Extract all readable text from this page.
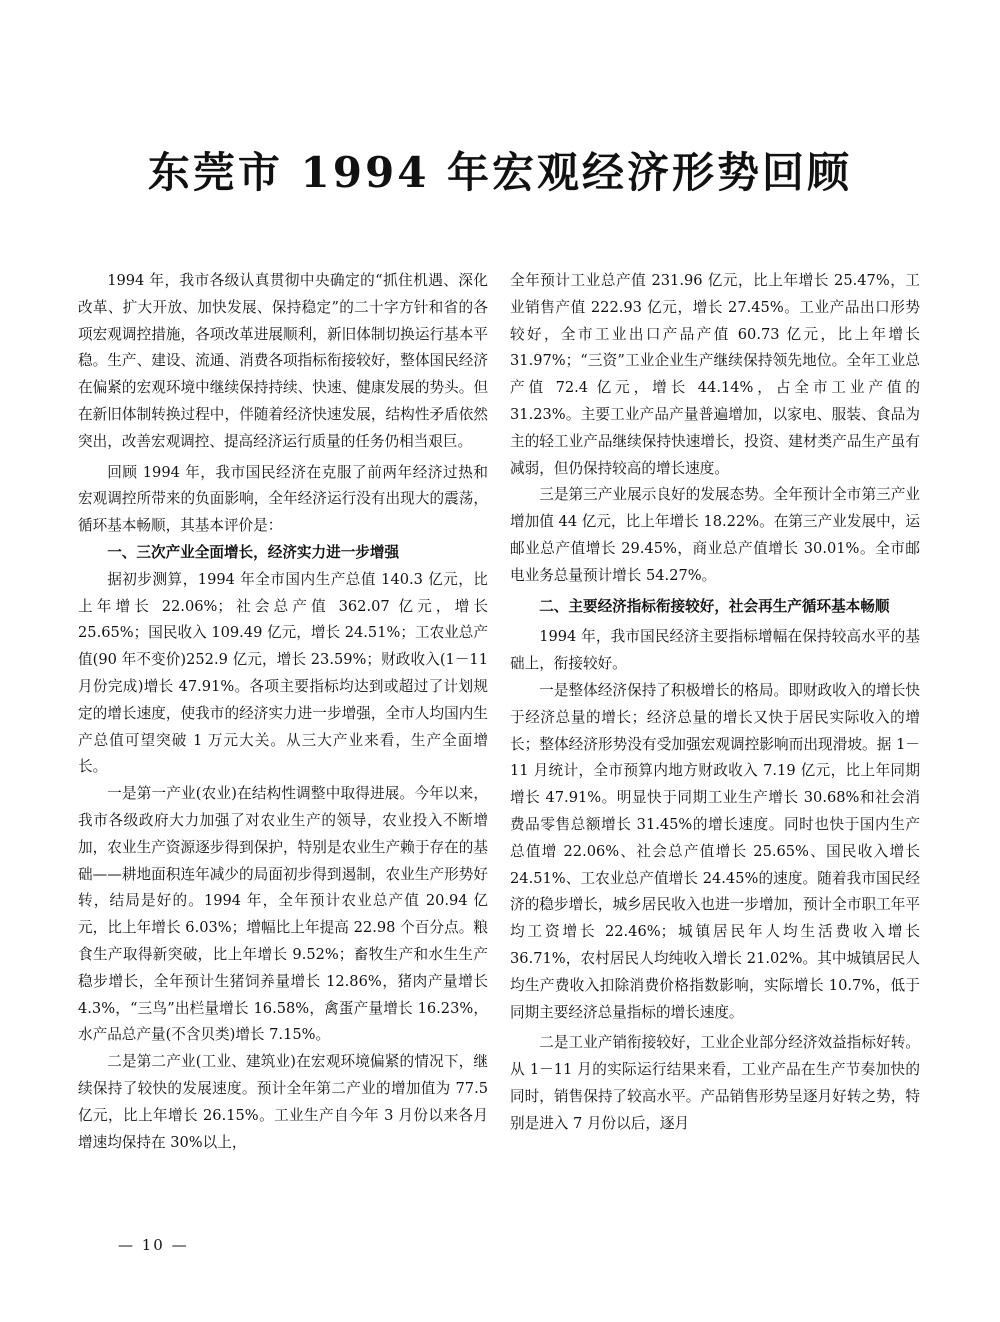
东莞市 1994 年宏观经济形势回顾

1994 年，我市各级认真贯彻中央确定的“抓住机遇、深化改革、扩大开放、加快发展、保持稳定”的二十字方针和省的各项宏观调控措施，各项改革进展顺利，新旧体制切换运行基本平稳。生产、建设、流通、消费各项指标衔接较好，整体国民经济在偏紧的宏观环境中继续保持持续、快速、健康发展的势头。但在新旧体制转换过程中，伴随着经济快速发展，结构性矛盾依然突出，改善宏观调控、提高经济运行质量的任务仍相当艰巨。

回顾 1994 年，我市国民经济在克服了前两年经济过热和宏观调控所带来的负面影响，全年经济运行没有出现大的震荡，循环基本畅顺，其基本评价是：

一、三次产业全面增长，经济实力进一步增强

据初步测算，1994 年全市国内生产总值 140.3 亿元，比上年增长 22.06%；社会总产值 362.07 亿元，增长 25.65%；国民收入 109.49 亿元，增长 24.51%；工农业总产值(90 年不变价)252.9 亿元，增长 23.59%；财政收入(1－11 月份完成)增长 47.91%。各项主要指标均达到或超过了计划规定的增长速度，使我市的经济实力进一步增强，全市人均国内生产总值可望突破 1 万元大关。从三大产业来看，生产全面增长。

一是第一产业(农业)在结构性调整中取得进展。今年以来，我市各级政府大力加强了对农业生产的领导，农业投入不断增加，农业生产资源逐步得到保护，特别是农业生产赖于存在的基础——耕地面积连年减少的局面初步得到遏制，农业生产形势好转，结局是好的。1994 年，全年预计农业总产值 20.94 亿元，比上年增长 6.03%；增幅比上年提高 22.98 个百分点。粮食生产取得新突破，比上年增长 9.52%；畜牧生产和水生生产稳步增长，全年预计生猪饲养量增长 12.86%，猪肉产量增长 4.3%，“三鸟”出栏量增长 16.58%，禽蛋产量增长 16.23%，水产品总产量(不含贝类)增长 7.15%。

二是第二产业(工业、建筑业)在宏观环境偏紧的情况下，继续保持了较快的发展速度。预计全年第二产业的增加值为 77.5 亿元，比上年增长 26.15%。工业生产自今年 3 月份以来各月增速均保持在 30%以上，

全年预计工业总产值 231.96 亿元，比上年增长 25.47%，工业销售产值 222.93 亿元，增长 27.45%。工业产品出口形势较好，全市工业出口产品产值 60.73 亿元，比上年增长 31.97%；“三资”工业企业生产继续保持领先地位。全年工业总产值 72.4 亿元，增长 44.14%，占全市工业产值的 31.23%。主要工业产品产量普遍增加，以家电、服装、食品为主的轻工业产品继续保持快速增长，投资、建材类产品生产虽有减弱，但仍保持较高的增长速度。

三是第三产业展示良好的发展态势。全年预计全市第三产业增加值 44 亿元，比上年增长 18.22%。在第三产业发展中，运邮业总产值增长 29.45%，商业总产值增长 30.01%。全市邮电业务总量预计增长 54.27%。

二、主要经济指标衔接较好，社会再生产循环基本畅顺

1994 年，我市国民经济主要指标增幅在保持较高水平的基础上，衔接较好。

一是整体经济保持了积极增长的格局。即财政收入的增长快于经济总量的增长；经济总量的增长又快于居民实际收入的增长；整体经济形势没有受加强宏观调控影响而出现滑坡。据 1－11 月统计，全市预算内地方财政收入 7.19 亿元，比上年同期增长 47.91%。明显快于同期工业生产增长 30.68%和社会消费品零售总额增长 31.45%的增长速度。同时也快于国内生产总值增 22.06%、社会总产值增长 25.65%、国民收入增长 24.51%、工农业总产值增长 24.45%的速度。随着我市国民经济的稳步增长，城乡居民收入也进一步增加，预计全市职工年平均工资增长 22.46%；城镇居民年人均生活费收入增长 36.71%，农村居民人均纯收入增长 21.02%。其中城镇居民人均生产费收入扣除消费价格指数影响，实际增长 10.7%，低于同期主要经济总量指标的增长速度。

二是工业产销衔接较好，工业企业部分经济效益指标好转。从 1－11 月的实际运行结果来看，工业产品在生产节奏加快的同时，销售保持了较高水平。产品销售形势呈逐月好转之势，特别是进入 7 月份以后，逐月

— 10 —
